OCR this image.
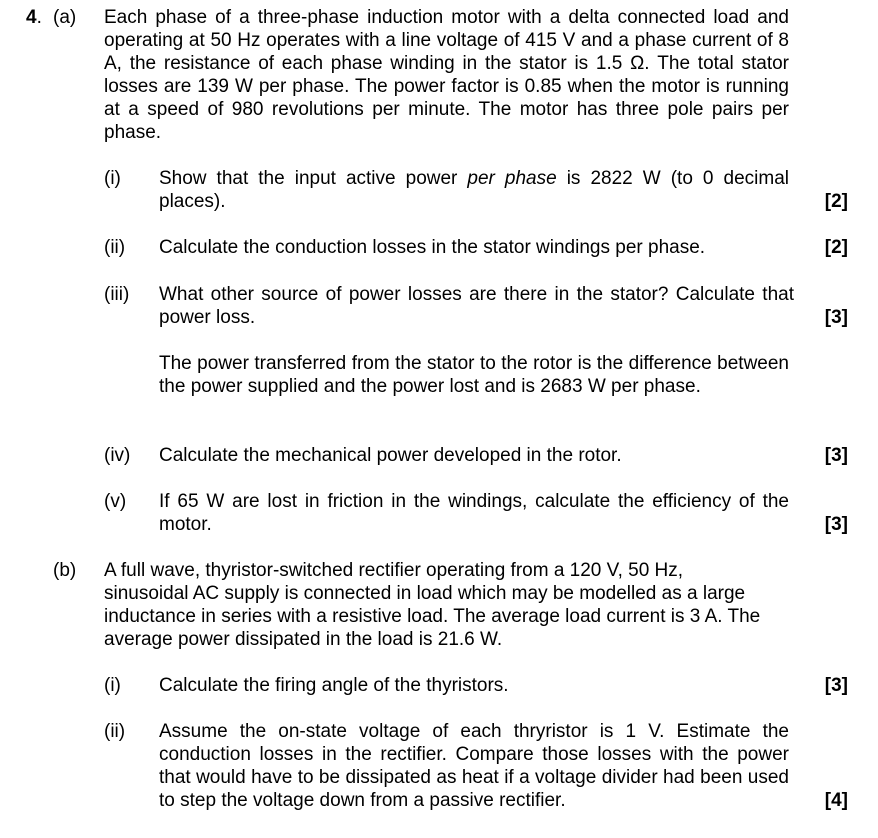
4. (a) Each phase of a three-phase induction motor with a delta connected load and operating at 50 Hz operates with a line voltage of 415 V and a phase current of 8 A, the resistance of each phase winding in the stator is 1.5 Ω. The total stator losses are 139 W per phase. The power factor is 0.85 when the motor is running at a speed of 980 revolutions per minute. The motor has three pole pairs per phase.
(i) Show that the input active power per phase is 2822 W (to 0 decimal places).	[2]
(ii) Calculate the conduction losses in the stator windings per phase.	[2]
(iii) What other source of power losses are there in the stator? Calculate that power loss.	[3]
The power transferred from the stator to the rotor is the difference between the power supplied and the power lost and is 2683 W per phase.
(iv) Calculate the mechanical power developed in the rotor.	[3]
(v) If 65 W are lost in friction in the windings, calculate the efficiency of the motor.	[3]
(b) A full wave, thyristor-switched rectifier operating from a 120 V, 50 Hz, sinusoidal AC supply is connected in load which may be modelled as a large inductance in series with a resistive load. The average load current is 3 A. The average power dissipated in the load is 21.6 W.
(i) Calculate the firing angle of the thyristors.	[3]
(ii) Assume the on-state voltage of each thryristor is 1 V. Estimate the conduction losses in the rectifier. Compare those losses with the power that would have to be dissipated as heat if a voltage divider had been used to step the voltage down from a passive rectifier.	[4]
